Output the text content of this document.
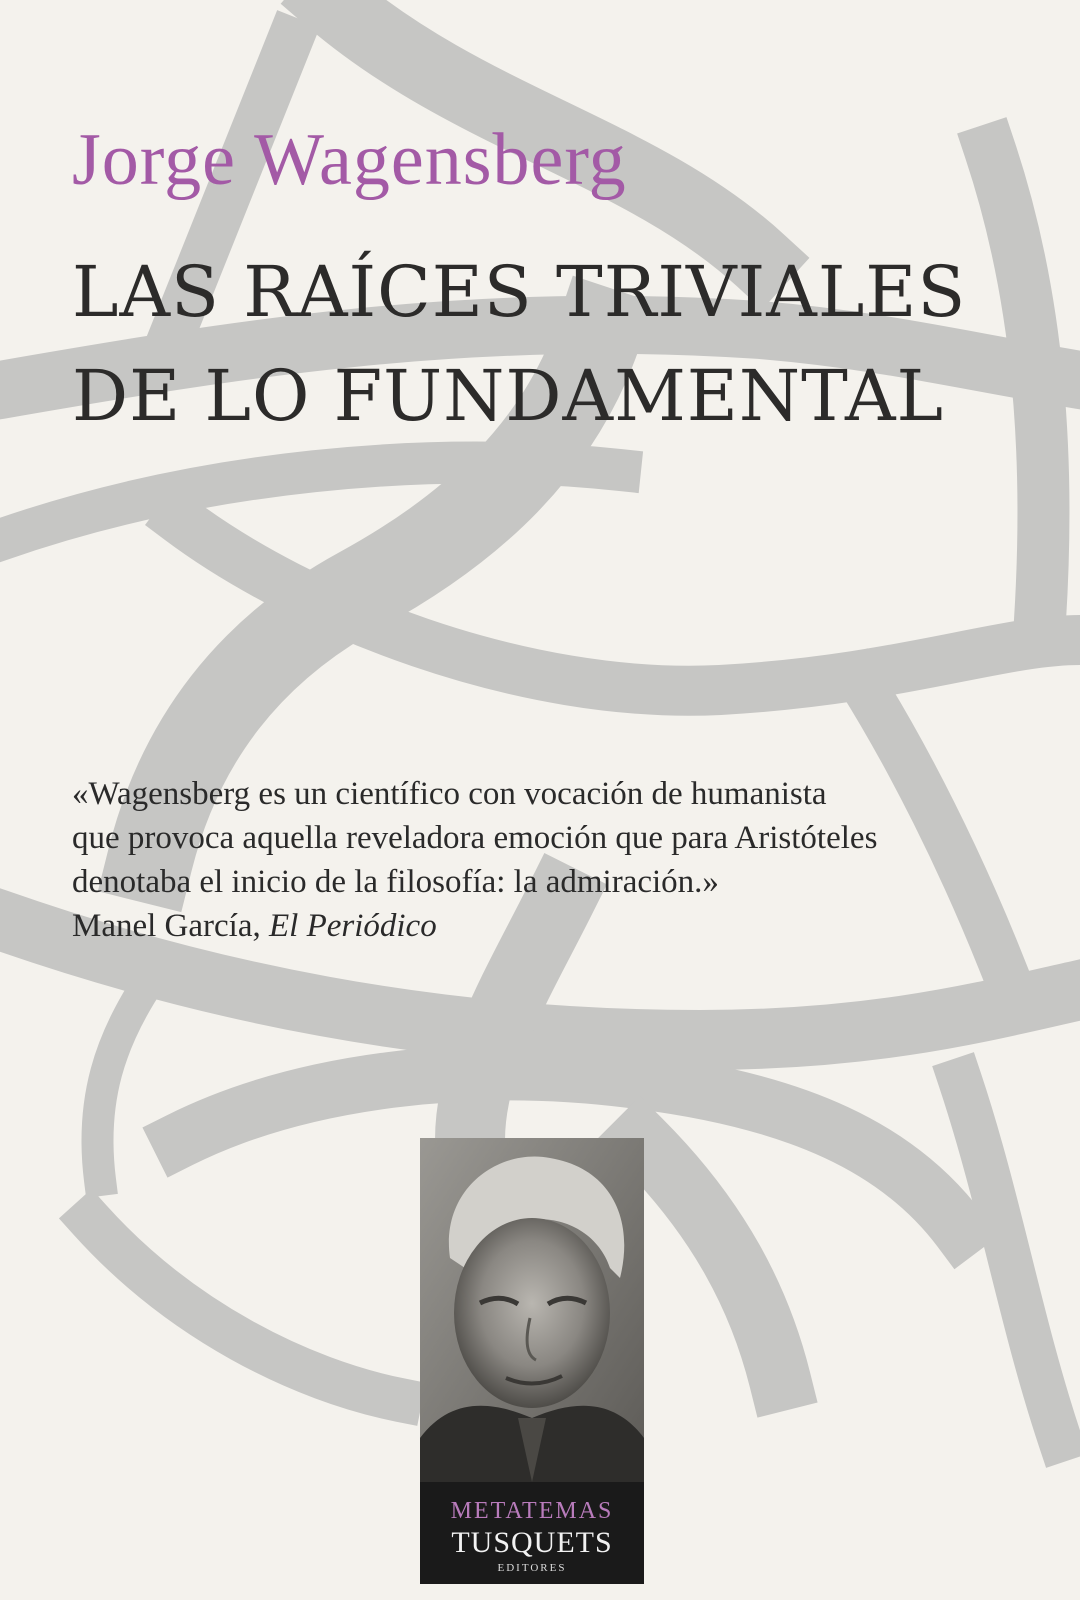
Jorge Wagensberg
LAS RAÍCES TRIVIALES
DE LO FUNDAMENTAL

«Wagensberg es un científico con vocación de humanista
que provoca aquella reveladora emoción que para Aristóteles
denotaba el inicio de la filosofía: la admiración.»

Manel García, El Periódico
METATEMAS
TUSQUETS
EDITORES
